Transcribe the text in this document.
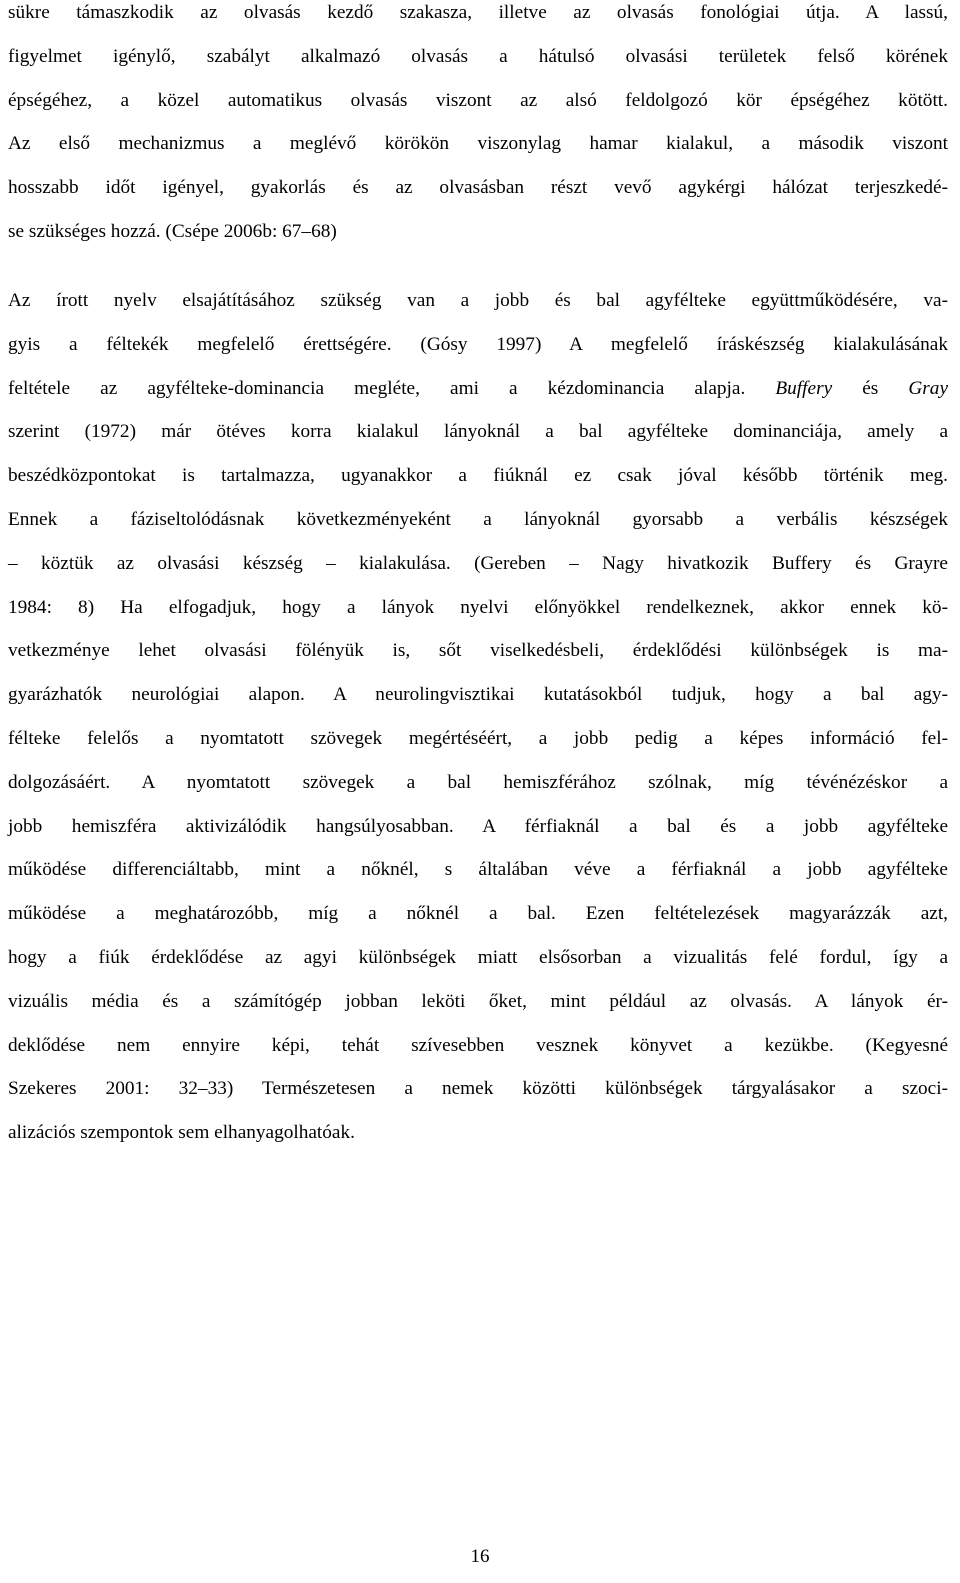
sükre támaszkodik az olvasás kezdő szakasza, illetve az olvasás fonológiai útja. A lassú,
figyelmet igénylő, szabályt alkalmazó olvasás a hátulsó olvasási területek felső körének
épségéhez, a közel automatikus olvasás viszont az alsó feldolgozó kör épségéhez kötött.
Az első mechanizmus a meglévő körökön viszonylag hamar kialakul, a második viszont
hosszabb időt igényel, gyakorlás és az olvasásban részt vevő agykérgi hálózat terjeszkedé-
se szükséges hozzá. (Csépe 2006b: 67–68)

Az írott nyelv elsajátításához szükség van a jobb és bal agyfélteke együttműködésére, va-
gyis a féltekék megfelelő érettségére. (Gósy 1997) A megfelelő íráskészség kialakulásának
feltétele az agyfélteke-dominancia megléte, ami a kézdominancia alapja. Buffery és Gray
szerint (1972) már ötéves korra kialakul lányoknál a bal agyfélteke dominanciája, amely a
beszédközpontokat is tartalmazza, ugyanakkor a fiúknál ez csak jóval később történik meg.
Ennek a fáziseltolódásnak következményeként a lányoknál gyorsabb a verbális készségek
– köztük az olvasási készség – kialakulása. (Gereben – Nagy hivatkozik Buffery és Grayre
1984: 8) Ha elfogadjuk, hogy a lányok nyelvi előnyökkel rendelkeznek, akkor ennek kö-
vetkezménye lehet olvasási fölényük is, sőt viselkedésbeli, érdeklődési különbségek is ma-
gyarázhatók neurológiai alapon. A neurolingvisztikai kutatásokból tudjuk, hogy a bal agy-
félteke felelős a nyomtatott szövegek megértéséért, a jobb pedig a képes információ fel-
dolgozásáért. A nyomtatott szövegek a bal hemiszférához szólnak, míg tévénézéskor a
jobb hemiszféra aktivizálódik hangsúlyosabban. A férfiaknál a bal és a jobb agyfélteke
működése differenciáltabb, mint a nőknél, s általában véve a férfiaknál a jobb agyfélteke
működése a meghatározóbb, míg a nőknél a bal. Ezen feltételezések magyarázzák azt,
hogy a fiúk érdeklődése az agyi különbségek miatt elsősorban a vizualitás felé fordul, így a
vizuális média és a számítógép jobban leköti őket, mint például az olvasás. A lányok ér-
deklődése nem ennyire képi, tehát szívesebben vesznek könyvet a kezükbe. (Kegyesné
Szekeres 2001: 32–33) Természetesen a nemek közötti különbségek tárgyalásakor a szoci-
alizációs szempontok sem elhanyagolhatóak.

16
